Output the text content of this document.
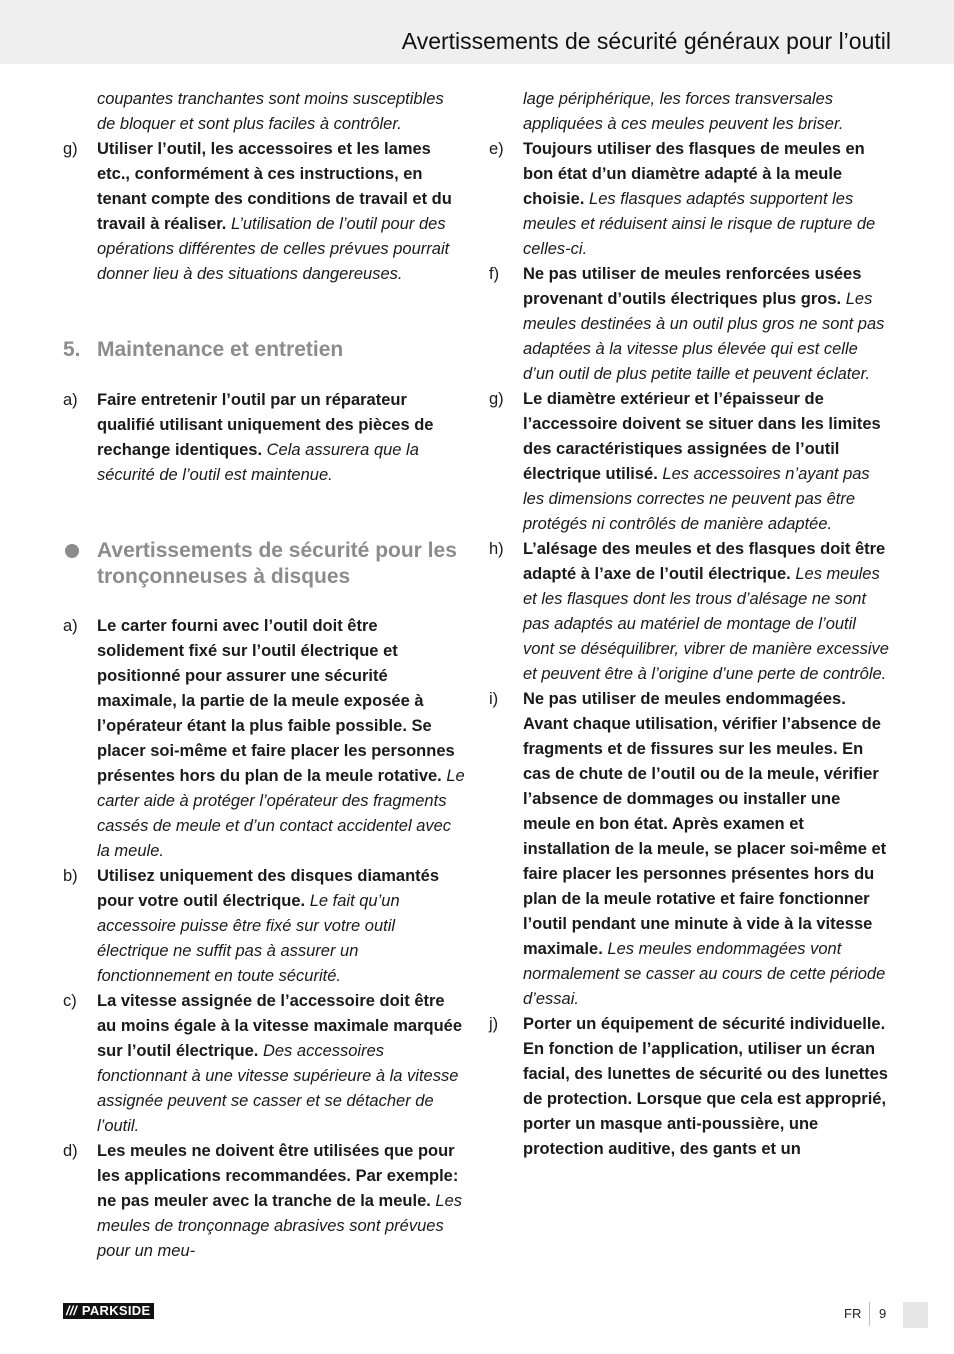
Avertissements de sécurité généraux pour l’outil

coupantes tranchantes sont moins susceptibles de bloquer et sont plus faciles à contrôler.

g) Utiliser l’outil, les accessoires et les lames etc., conformément à ces instructions, en tenant compte des conditions de travail et du travail à réaliser. L’utilisation de l’outil pour des opérations différentes de celles prévues pourrait donner lieu à des situations dangereuses.
5. Maintenance et entretien
a) Faire entretenir l’outil par un réparateur qualifié utilisant uniquement des pièces de rechange identiques. Cela assurera que la sécurité de l’outil est maintenue.
Avertissements de sécurité pour les tronçonneuses à disques
a) Le carter fourni avec l’outil doit être solidement fixé sur l’outil électrique et positionné pour assurer une sécurité maximale, la partie de la meule exposée à l’opérateur étant la plus faible possible. Se placer soi-même et faire placer les personnes présentes hors du plan de la meule rotative. Le carter aide à protéger l’opérateur des fragments cassés de meule et d’un contact accidentel avec la meule.
b) Utilisez uniquement des disques diamantés pour votre outil électrique. Le fait qu’un accessoire puisse être fixé sur votre outil électrique ne suffit pas à assurer un fonctionnement en toute sécurité.
c) La vitesse assignée de l’accessoire doit être au moins égale à la vitesse maximale marquée sur l’outil électrique. Des accessoires fonctionnant à une vitesse supérieure à la vitesse assignée peuvent se casser et se détacher de l’outil.
d) Les meules ne doivent être utilisées que pour les applications recommandées. Par exemple: ne pas meuler avec la tranche de la meule. Les meules de tronçonnage abrasives sont prévues pour un meu-

lage périphérique, les forces transversales appliquées à ces meules peuvent les briser.

e) Toujours utiliser des flasques de meules en bon état d’un diamètre adapté à la meule choisie. Les flasques adaptés supportent les meules et réduisent ainsi le risque de rupture de celles-ci.
f) Ne pas utiliser de meules renforcées usées provenant d’outils électriques plus gros. Les meules destinées à un outil plus gros ne sont pas adaptées à la vitesse plus élevée qui est celle d’un outil de plus petite taille et peuvent éclater.
g) Le diamètre extérieur et l’épaisseur de l’accessoire doivent se situer dans les limites des caractéristiques assignées de l’outil électrique utilisé. Les accessoires n’ayant pas les dimensions correctes ne peuvent pas être protégés ni contrôlés de manière adaptée.
h) L’alésage des meules et des flasques doit être adapté à l’axe de l’outil électrique. Les meules et les flasques dont les trous d’alésage ne sont pas adaptés au matériel de montage de l’outil vont se déséquilibrer, vibrer de manière excessive et peuvent être à l’origine d’une perte de contrôle.
i) Ne pas utiliser de meules endommagées. Avant chaque utilisation, vérifier l’absence de fragments et de fissures sur les meules. En cas de chute de l’outil ou de la meule, vérifier l’absence de dommages ou installer une meule en bon état. Après examen et installation de la meule, se placer soi-même et faire placer les personnes présentes hors du plan de la meule rotative et faire fonctionner l’outil pendant une minute à vide à la vitesse maximale. Les meules endommagées vont normalement se casser au cours de cette période d’essai.
j) Porter un équipement de sécurité individuelle. En fonction de l’application, utiliser un écran facial, des lunettes de sécurité ou des lunettes de protection. Lorsque que cela est approprié, porter un masque anti-poussière, une protection auditive, des gants et un
/// PARKSIDE	FR 9
